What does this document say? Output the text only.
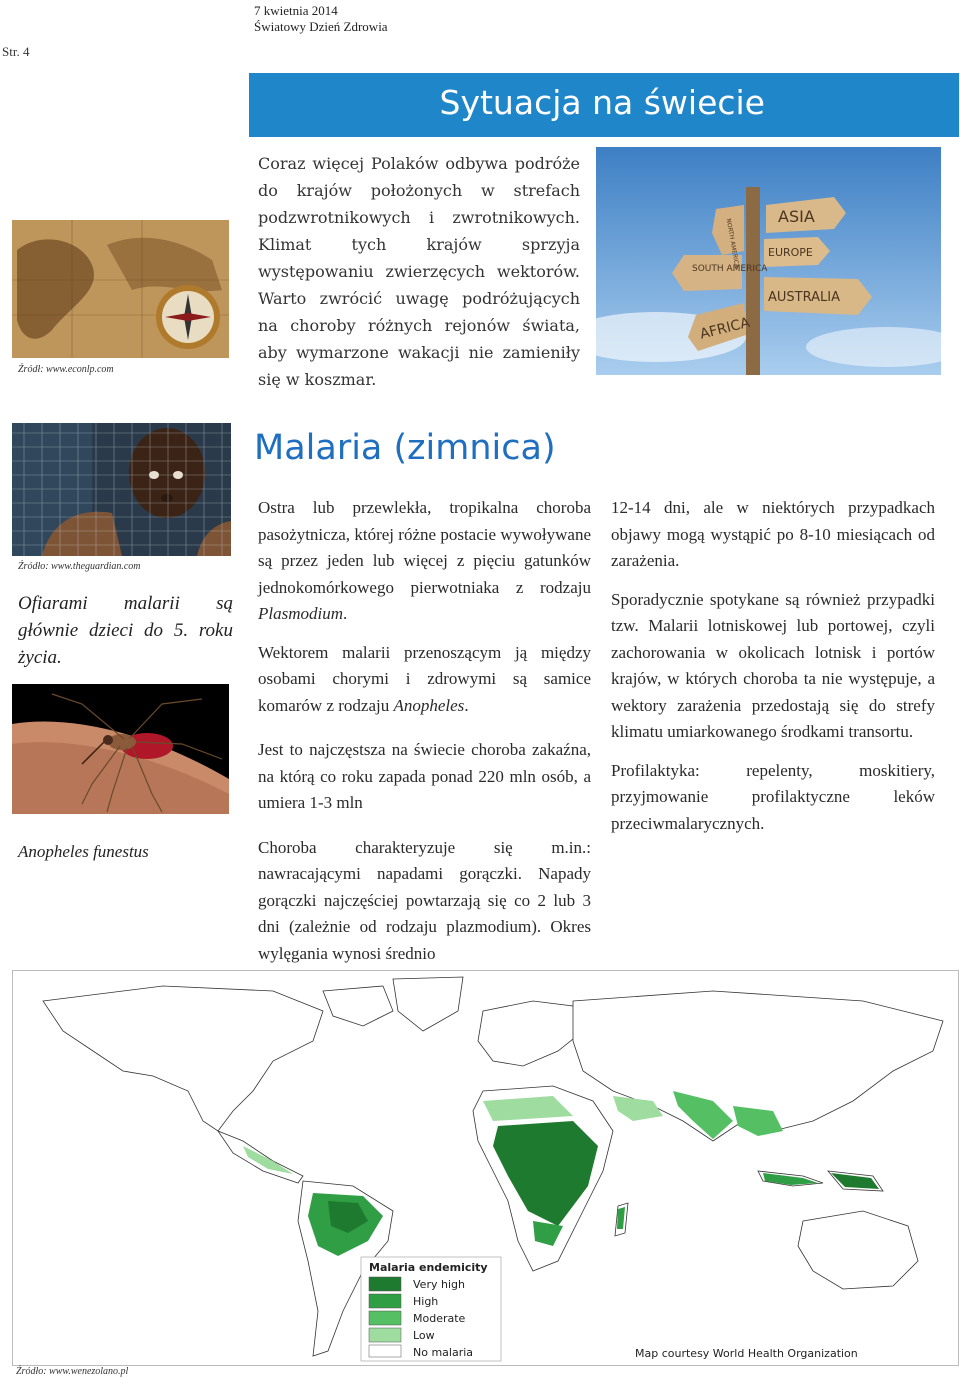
7 kwietnia 2014
Światowy Dzień Zdrowia
Str. 4
Sytuacja na świecie
Źródł: www.econlp.com
Coraz więcej Polaków odbywa podróże do krajów położonych w strefach podzwrotnikowych i zwrotnikowych. Klimat tych krajów sprzyja występowaniu zwierzęcych wektorów. Warto zwrócić uwagę podróżujących na choroby różnych rejonów świata, aby wymarzone wakacji nie zamieniły się w koszmar.
ASIA
NORTH AMERICA	EUROPE
SOUTH AMERICA
AUSTRALIA
AFRICA
Źródło: www.theguardian.com
Ofiarami malarii są głównie dzieci do 5. roku życia.
Anopheles funestus
Malaria (zimnica)

Ostra lub przewlekła, tropikalna choroba pasożytnicza, której różne postacie wywoływane są przez jeden lub więcej z pięciu gatunków jednokomórkowego pierwotniaka z rodzaju Plasmodium.

Wektorem malarii przenoszącym ją między osobami chorymi i zdrowymi są samice komarów z rodzaju Anopheles.

Jest to najczęstsza na świecie choroba zakaźna, na którą co roku zapada ponad 220 mln osób, a umiera 1-3 mln

Choroba charakteryzuje się m.in.: nawracającymi napadami gorączki. Napady gorączki najczęściej powtarzają się co 2 lub 3 dni (zależnie od rodzaju plazmodium). Okres wylęgania wynosi średnio

12-14 dni, ale w niektórych przypadkach objawy mogą wystąpić po 8-10 miesiącach od zarażenia.

Sporadycznie spotykane są również przypadki tzw. Malarii lotniskowej lub portowej, czyli zachorowania w okolicach lotnisk i portów krajów, w których choroba ta nie występuje, a wektory zarażenia przedostają się do strefy klimatu umiarkowanego środkami transortu.

Profilaktyka: repelenty, moskitiery, przyjmowanie profilaktyczne leków przeciwmalarycznych.

Malaria endemicity
Very high
High
Moderate
Low
No malaria	Map courtesy World Health Organization
Źródło: www.wenezolano.pl
